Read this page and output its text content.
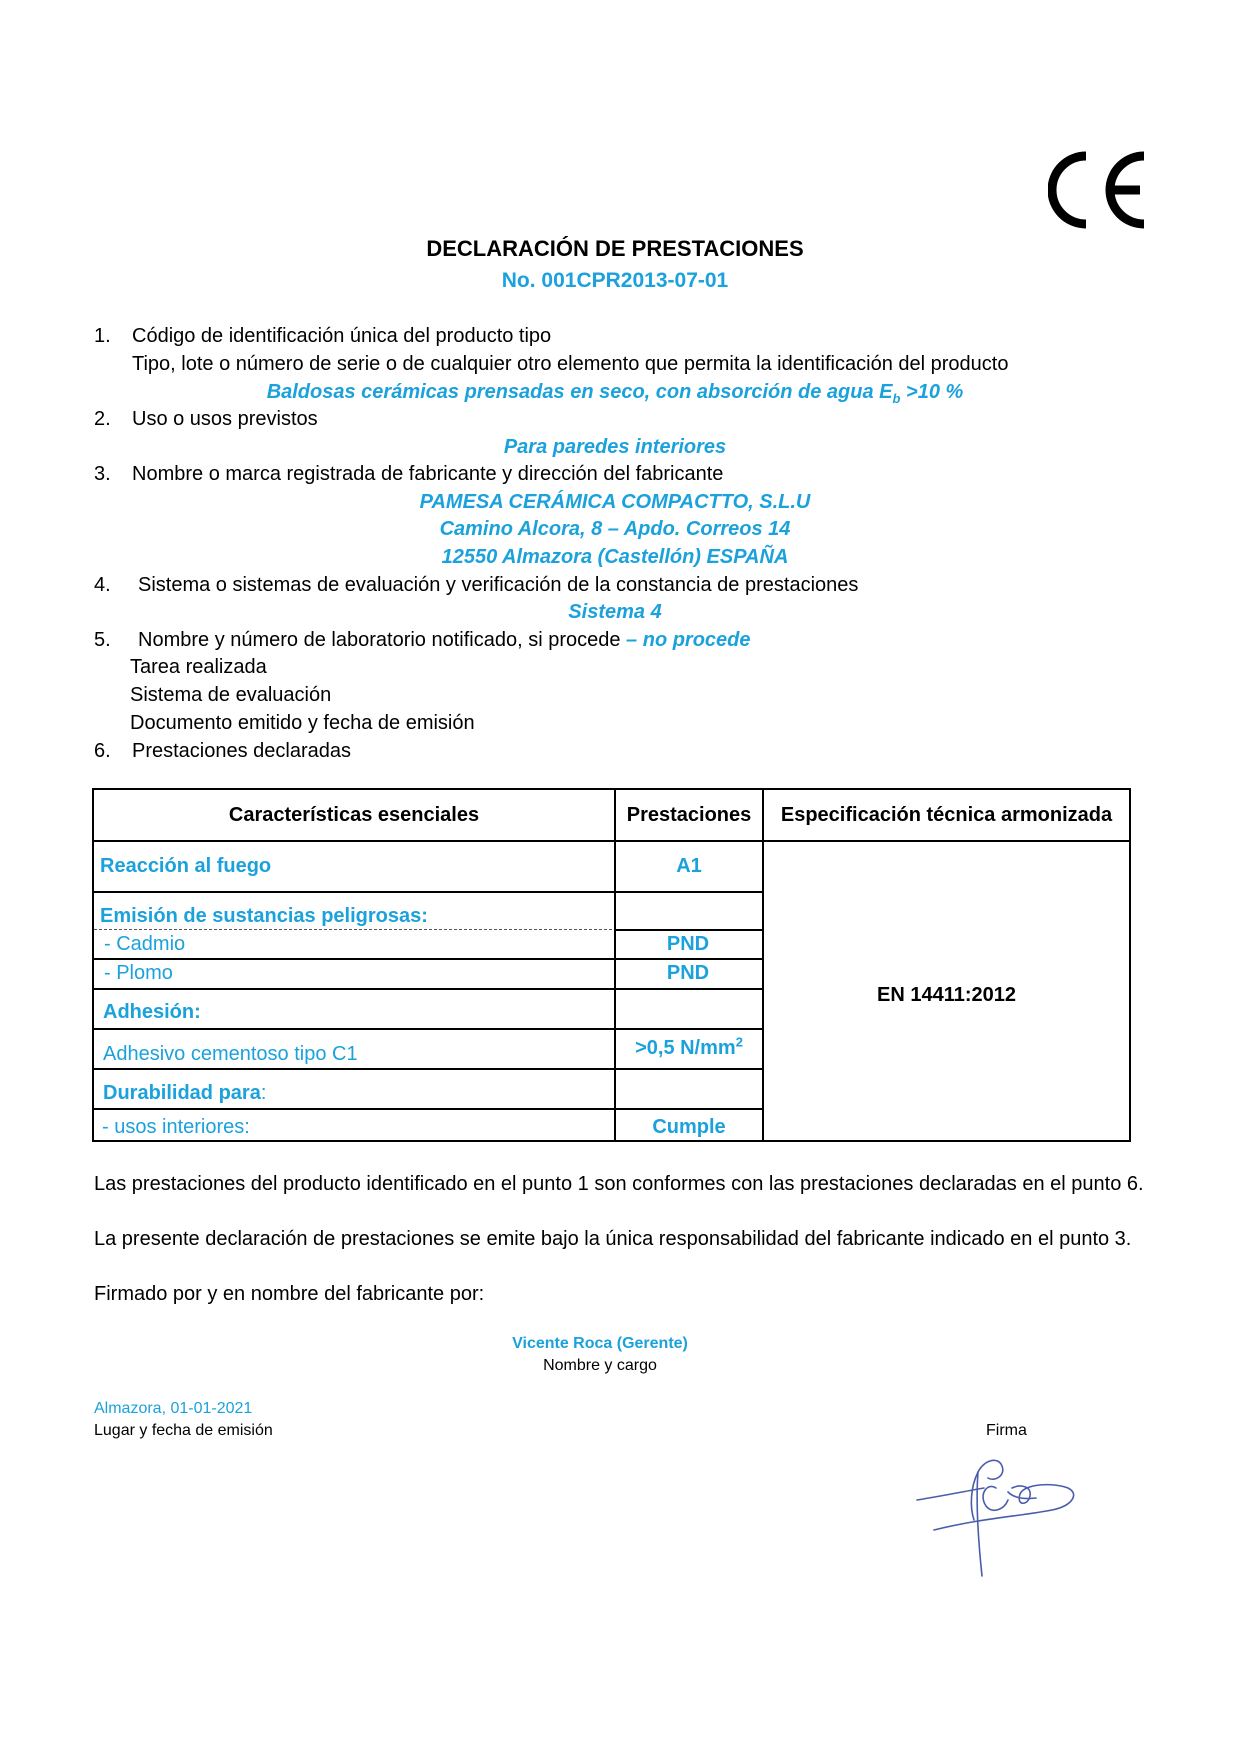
DECLARACIÓN DE PRESTACIONES
No. 001CPR2013-07-01
1. Código de identificación única del producto tipo
Tipo, lote o número de serie o de cualquier otro elemento que permita la identificación del producto
Baldosas cerámicas prensadas en seco, con absorción de agua $E_b >10$ %
2. Uso o usos previstos
Para paredes interiores
3. Nombre o marca registrada de fabricante y dirección del fabricante
PAMESA CERÁMICA COMPACTTO, S.L.U
Camino Alcora, 8 – Apdo. Correos 14
12550 Almazora (Castellón) ESPAÑA
4. Sistema o sistemas de evaluación y verificación de la constancia de prestaciones
Sistema 4
5. Nombre y número de laboratorio notificado, si procede – no procede
Tarea realizada
Sistema de evaluación
Documento emitido y fecha de emisión
6. Prestaciones declaradas
Características esenciales	Prestaciones	Especificación técnica armonizada
Reacción al fuego	A1
Emisión de sustancias peligrosas:
- Cadmio	PND
- Plomo	PND
Adhesión:
Adhesivo cementoso tipo C1	>0,5 $N/mm^2$
Durabilidad para:
- usos interiores:	Cumple
EN 14411:2012
Las prestaciones del producto identificado en el punto 1 son conformes con las prestaciones declaradas en el punto 6.
La presente declaración de prestaciones se emite bajo la única responsabilidad del fabricante indicado en el punto 3.
Firmado por y en nombre del fabricante por:
Vicente Roca (Gerente)
Nombre y cargo
Almazora, 01-01-2021
Lugar y fecha de emisión	Firma
